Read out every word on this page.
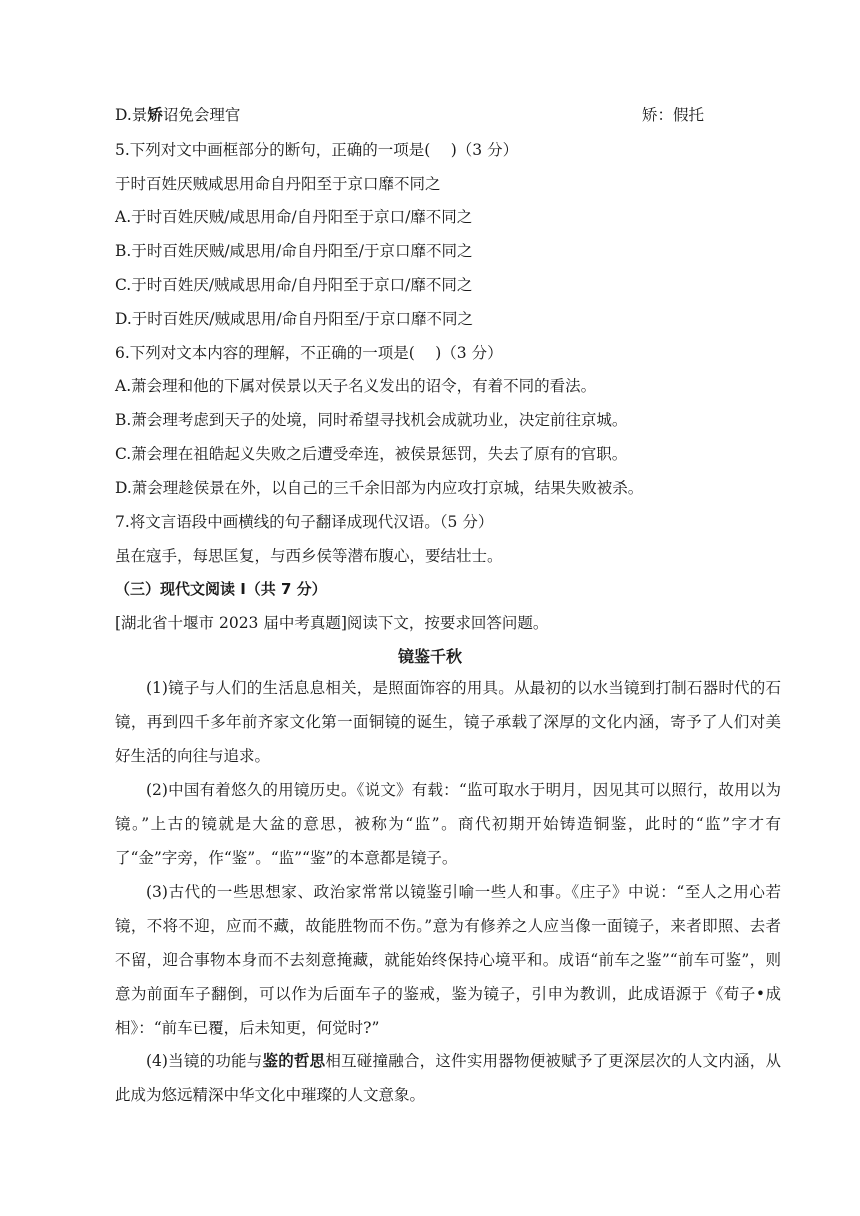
D.景矫诏免会理官	矫：假托
5.下列对文中画框部分的断句，正确的一项是(　 )（3 分）
于时百姓厌贼咸思用命自丹阳至于京口靡不同之
A.于时百姓厌贼/咸思用命/自丹阳至于京口/靡不同之
B.于时百姓厌贼/咸思用/命自丹阳至/于京口靡不同之
C.于时百姓厌/贼咸思用命/自丹阳至于京口/靡不同之
D.于时百姓厌/贼咸思用/命自丹阳至/于京口靡不同之
6.下列对文本内容的理解，不正确的一项是(　 )（3 分）
A.萧会理和他的下属对侯景以天子名义发出的诏令，有着不同的看法。
B.萧会理考虑到天子的处境，同时希望寻找机会成就功业，决定前往京城。
C.萧会理在祖皓起义失败之后遭受牵连，被侯景惩罚，失去了原有的官职。
D.萧会理趁侯景在外，以自己的三千余旧部为内应攻打京城，结果失败被杀。
7.将文言语段中画横线的句子翻译成现代汉语。（5 分）
虽在寇手，每思匡复，与西乡侯等潜布腹心，要结壮士。
（三）现代文阅读 I（共 7 分）
[湖北省十堰市 2023 届中考真题]阅读下文，按要求回答问题。
镜鉴千秋
(1)镜子与人们的生活息息相关，是照面饰容的用具。从最初的以水当镜到打制石器时代的石镜，再到四千多年前齐家文化第一面铜镜的诞生，镜子承载了深厚的文化内涵，寄予了人们对美好生活的向往与追求。
(2)中国有着悠久的用镜历史。《说文》有载：“监可取水于明月，因见其可以照行，故用以为镜。”上古的镜就是大盆的意思，被称为“监”。商代初期开始铸造铜鉴，此时的“监”字才有了“金”字旁，作“鉴”。“监”“鉴”的本意都是镜子。
(3)古代的一些思想家、政治家常常以镜鉴引喻一些人和事。《庄子》中说：“至人之用心若镜，不将不迎，应而不藏，故能胜物而不伤。”意为有修养之人应当像一面镜子，来者即照、去者不留，迎合事物本身而不去刻意掩藏，就能始终保持心境平和。成语“前车之鉴”“前车可鉴”，则意为前面车子翻倒，可以作为后面车子的鉴戒，鉴为镜子，引申为教训，此成语源于《荀子•成相》：“前车已覆，后未知更，何觉时?”
(4)当镜的功能与鉴的哲思相互碰撞融合，这件实用器物便被赋予了更深层次的人文内涵，从此成为悠远精深中华文化中璀璨的人文意象。
